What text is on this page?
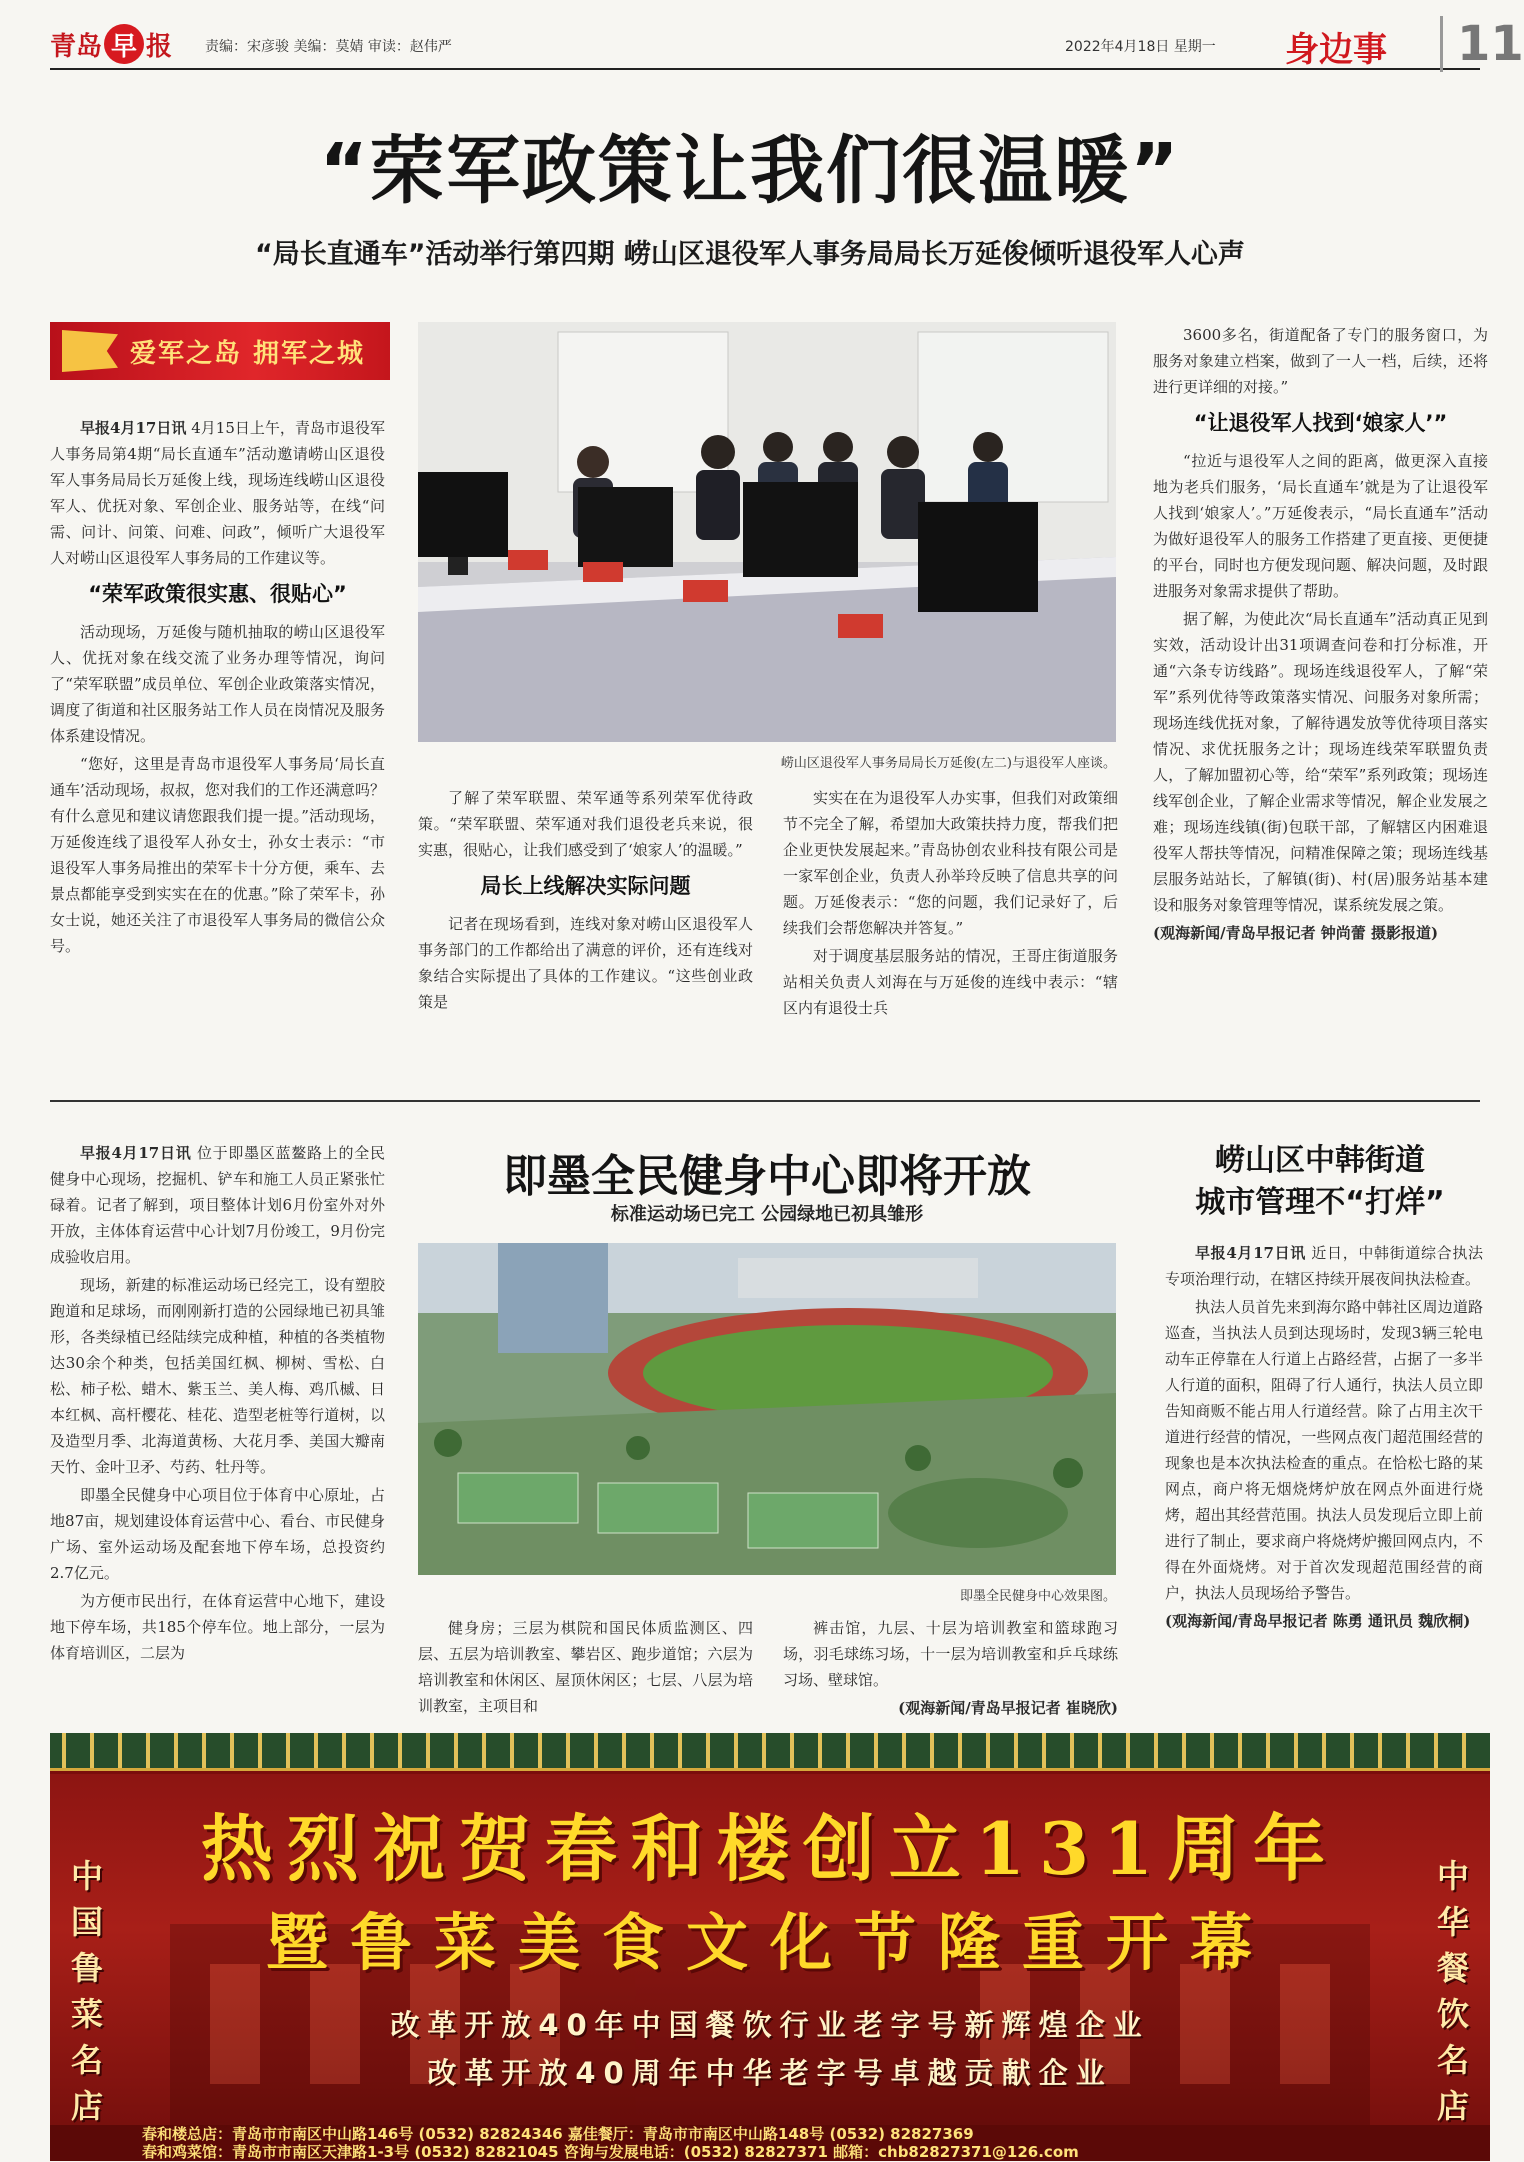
青岛 早 报 责编：宋彦骏 美编：莫婧 审读：赵伟严	2022年4月18日 星期一 身边事	11
“荣军政策让我们很温暖”
“局长直通车”活动举行第四期 崂山区退役军人事务局局长万延俊倾听退役军人心声
爱军之岛 拥军之城

早报4月17日讯 4月15日上午，青岛市退役军人事务局第4期“局长直通车”活动邀请崂山区退役军人事务局局长万延俊上线，现场连线崂山区退役军人、优抚对象、军创企业、服务站等，在线“问需、问计、问策、问难、问政”，倾听广大退役军人对崂山区退役军人事务局的工作建议等。

“荣军政策很实惠、很贴心”

活动现场，万延俊与随机抽取的崂山区退役军人、优抚对象在线交流了业务办理等情况，询问了“荣军联盟”成员单位、军创企业政策落实情况，调度了街道和社区服务站工作人员在岗情况及服务体系建设情况。

“您好，这里是青岛市退役军人事务局‘局长直通车’活动现场，叔叔，您对我们的工作还满意吗？有什么意见和建议请您跟我们提一提。”活动现场，万延俊连线了退役军人孙女士，孙女士表示：“市退役军人事务局推出的荣军卡十分方便，乘车、去景点都能享受到实实在在的优惠。”除了荣军卡，孙女士说，她还关注了市退役军人事务局的微信公众号。

崂山区退役军人事务局局长万延俊(左二)与退役军人座谈。

了解了荣军联盟、荣军通等系列荣军优待政策。“荣军联盟、荣军通对我们退役老兵来说，很实惠，很贴心，让我们感受到了‘娘家人’的温暖。”

局长上线解决实际问题

记者在现场看到，连线对象对崂山区退役军人事务部门的工作都给出了满意的评价，还有连线对象结合实际提出了具体的工作建议。“这些创业政策是

实实在在为退役军人办实事，但我们对政策细节不完全了解，希望加大政策扶持力度，帮我们把企业更快发展起来。”青岛协创农业科技有限公司是一家军创企业，负责人孙举玲反映了信息共享的问题。万延俊表示：“您的问题，我们记录好了，后续我们会帮您解决并答复。”

对于调度基层服务站的情况，王哥庄街道服务站相关负责人刘海在与万延俊的连线中表示：“辖区内有退役士兵

3600多名，街道配备了专门的服务窗口，为服务对象建立档案，做到了一人一档，后续，还将进行更详细的对接。”

“让退役军人找到‘娘家人’”

“拉近与退役军人之间的距离，做更深入直接地为老兵们服务，‘局长直通车’就是为了让退役军人找到‘娘家人’。”万延俊表示，“局长直通车”活动为做好退役军人的服务工作搭建了更直接、更便捷的平台，同时也方便发现问题、解决问题，及时跟进服务对象需求提供了帮助。

据了解，为使此次“局长直通车”活动真正见到实效，活动设计出31项调查问卷和打分标准，开通“六条专访线路”。现场连线退役军人，了解“荣军”系列优待等政策落实情况、问服务对象所需；现场连线优抚对象，了解待遇发放等优待项目落实情况、求优抚服务之计；现场连线荣军联盟负责人，了解加盟初心等，给“荣军”系列政策；现场连线军创企业，了解企业需求等情况，解企业发展之难；现场连线镇(街)包联干部，了解辖区内困难退役军人帮扶等情况，问精准保障之策；现场连线基层服务站站长，了解镇(街)、村(居)服务站基本建设和服务对象管理等情况，谋系统发展之策。

(观海新闻/青岛早报记者 钟尚蕾 摄影报道)

早报4月17日讯 位于即墨区蓝鳌路上的全民健身中心现场，挖掘机、铲车和施工人员正紧张忙碌着。记者了解到，项目整体计划6月份室外对外开放，主体体育运营中心计划7月份竣工，9月份完成验收启用。

现场，新建的标准运动场已经完工，设有塑胶跑道和足球场，而刚刚新打造的公园绿地已初具雏形，各类绿植已经陆续完成种植，种植的各类植物达30余个种类，包括美国红枫、柳树、雪松、白松、柿子松、蜡木、紫玉兰、美人梅、鸡爪槭、日本红枫、高杆樱花、桂花、造型老桩等行道树，以及造型月季、北海道黄杨、大花月季、美国大瓣南天竹、金叶卫矛、芍药、牡丹等。

即墨全民健身中心项目位于体育中心原址，占地87亩，规划建设体育运营中心、看台、市民健身广场、室外运动场及配套地下停车场，总投资约2.7亿元。

为方便市民出行，在体育运营中心地下，建设地下停车场，共185个停车位。地上部分，一层为体育培训区，二层为

即墨全民健身中心即将开放
标准运动场已完工 公园绿地已初具雏形
即墨全民健身中心效果图。

健身房；三层为棋院和国民体质监测区、四层、五层为培训教室、攀岩区、跑步道馆；六层为培训教室和休闲区、屋顶休闲区；七层、八层为培训教室，主项目和

裤击馆，九层、十层为培训教室和篮球跑习场，羽毛球练习场，十一层为培训教室和乒乓球练习场、壁球馆。

(观海新闻/青岛早报记者 崔晓欣)

崂山区中韩街道
城市管理不“打烊”

早报4月17日讯 近日，中韩街道综合执法专项治理行动，在辖区持续开展夜间执法检查。

执法人员首先来到海尔路中韩社区周边道路巡查，当执法人员到达现场时，发现3辆三轮电动车正停靠在人行道上占路经营，占据了一多半人行道的面积，阻碍了行人通行，执法人员立即告知商贩不能占用人行道经营。除了占用主次干道进行经营的情况，一些网点夜门超范围经营的现象也是本次执法检查的重点。在恰松七路的某网点，商户将无烟烧烤炉放在网点外面进行烧烤，超出其经营范围。执法人员发现后立即上前进行了制止，要求商户将烧烤炉搬回网点内，不得在外面烧烤。对于首次发现超范围经营的商户，执法人员现场给予警告。

(观海新闻/青岛早报记者 陈勇 通讯员 魏欣桐)

热烈祝贺春和楼创立131周年
暨鲁菜美食文化节隆重开幕
改革开放40年中国餐饮行业老字号新辉煌企业
改革开放40周年中华老字号卓越贡献企业
中国鲁菜名店
中华餐饮名店
春和楼总店：青岛市市南区中山路146号 (0532) 82824346 嘉佳餐厅：青岛市市南区中山路148号 (0532) 82827369
春和鸡菜馆：青岛市市南区天津路1-3号 (0532) 82821045 咨询与发展电话：(0532) 82827371 邮箱：chb82827371@126.com
